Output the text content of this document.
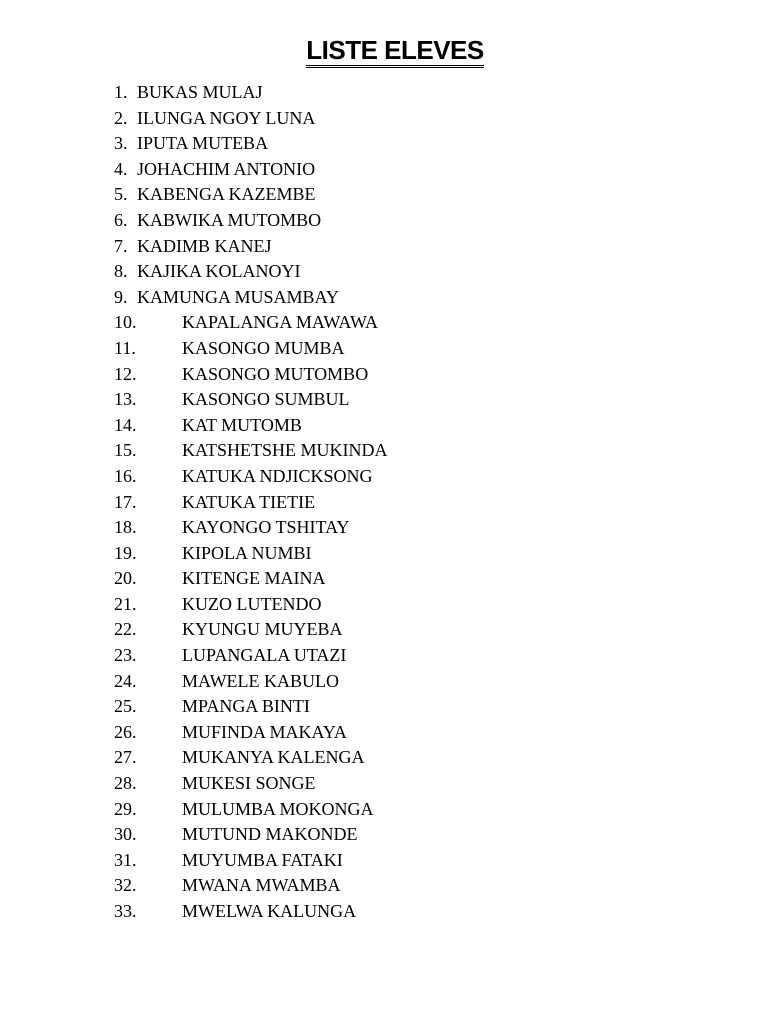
LISTE ELEVES
1. BUKAS MULAJ
2. ILUNGA NGOY LUNA
3. IPUTA MUTEBA
4. JOHACHIM ANTONIO
5. KABENGA KAZEMBE
6. KABWIKA MUTOMBO
7. KADIMB KANEJ
8. KAJIKA KOLANOYI
9. KAMUNGA MUSAMBAY
10.	KAPALANGA MAWAWA
11.	KASONGO MUMBA
12.	KASONGO MUTOMBO
13.	KASONGO SUMBUL
14.	KAT MUTOMB
15.	KATSHETSHE MUKINDA
16.	KATUKA NDJICKSONG
17.	KATUKA TIETIE
18.	KAYONGO TSHITAY
19.	KIPOLA NUMBI
20.	KITENGE MAINA
21.	KUZO LUTENDO
22.	KYUNGU MUYEBA
23.	LUPANGALA UTAZI
24.	MAWELE KABULO
25.	MPANGA BINTI
26.	MUFINDA MAKAYA
27.	MUKANYA KALENGA
28.	MUKESI SONGE
29.	MULUMBA MOKONGA
30.	MUTUND MAKONDE
31.	MUYUMBA FATAKI
32.	MWANA MWAMBA
33.	MWELWA KALUNGA
